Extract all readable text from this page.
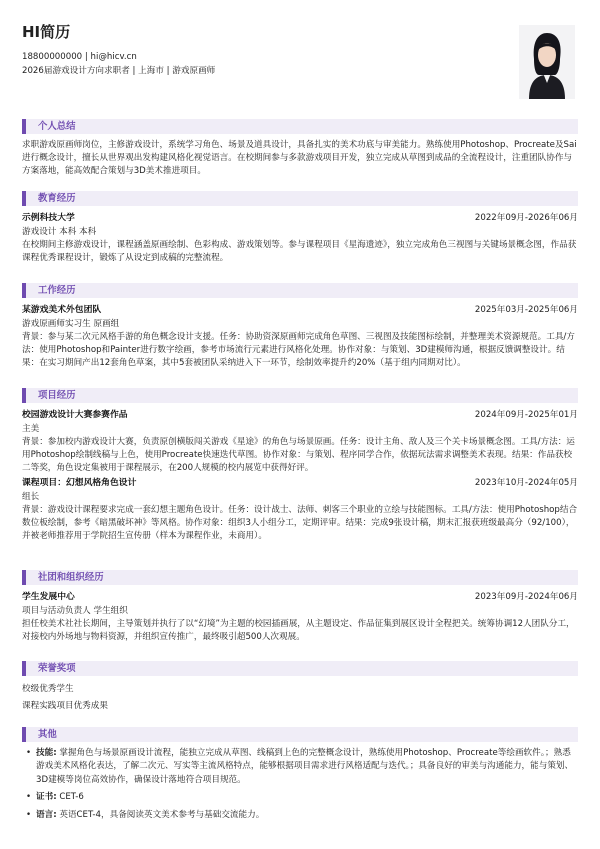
HI简历
18800000000 | hi@hicv.cn
2026届游戏设计方向求职者 | 上海市 | 游戏原画师
个人总结
求职游戏原画师岗位，主修游戏设计，系统学习角色、场景及道具设计，具备扎实的美术功底与审美能力。熟练使用Photoshop、Procreate及Sai进行概念设计，擅长从世界观出发构建风格化视觉语言。在校期间参与多款游戏项目开发，独立完成从草图到成品的全流程设计，注重团队协作与方案落地，能高效配合策划与3D美术推进项目。
教育经历
示例科技大学	2022年09月-2026年06月
游戏设计 本科 本科
在校期间主修游戏设计，课程涵盖原画绘制、色彩构成、游戏策划等。参与课程项目《星海遗迹》，独立完成角色三视图与关键场景概念图，作品获课程优秀课程设计，锻炼了从设定到成稿的完整流程。
工作经历
某游戏美术外包团队	2025年03月-2025年06月
游戏原画师实习生 原画组
背景：参与某二次元风格手游的角色概念设计支援。任务：协助资深原画师完成角色草图、三视图及技能图标绘制，并整理美术资源规范。工具/方法：使用Photoshop和Painter进行数字绘画，参考市场流行元素进行风格化处理。协作对象：与策划、3D建模师沟通，根据反馈调整设计。结果：在实习期间产出12套角色草案，其中5套被团队采纳进入下一环节，绘制效率提升约20%（基于组内同期对比）。
项目经历
校园游戏设计大赛参赛作品	2024年09月-2025年01月
主美
背景：参加校内游戏设计大赛，负责原创横版闯关游戏《星途》的角色与场景原画。任务：设计主角、敌人及三个关卡场景概念图。工具/方法：运用Photoshop绘制线稿与上色，使用Procreate快速迭代草图。协作对象：与策划、程序同学合作，依据玩法需求调整美术表现。结果：作品获校二等奖，角色设定集被用于课程展示，在200人规模的校内展览中获得好评。
课程项目：幻想风格角色设计	2023年10月-2024年05月
组长
背景：游戏设计课程要求完成一套幻想主题角色设计。任务：设计战士、法师、刺客三个职业的立绘与技能图标。工具/方法：使用Photoshop结合数位板绘制，参考《暗黑破坏神》等风格。协作对象：组织3人小组分工，定期评审。结果：完成9张设计稿，期末汇报获班级最高分（92/100），并被老师推荐用于学院招生宣传册（样本为课程作业，未商用）。
社团和组织经历
学生发展中心	2023年09月-2024年06月
项目与活动负责人 学生组织
担任校美术社社长期间，主导策划并执行了以“幻境”为主题的校园插画展，从主题设定、作品征集到展区设计全程把关。统筹协调12人团队分工，对接校内外场地与物料资源，并组织宣传推广，最终吸引超500人次观展。
荣誉奖项
校级优秀学生
课程实践项目优秀成果
其他
• 技能: 掌握角色与场景原画设计流程，能独立完成从草图、线稿到上色的完整概念设计，熟练使用Photoshop、Procreate等绘画软件。；熟悉游戏美术风格化表达，了解二次元、写实等主流风格特点，能够根据项目需求进行风格适配与迭代。；具备良好的审美与沟通能力，能与策划、3D建模等岗位高效协作，确保设计落地符合项目规范。
• 证书: CET-6
• 语言: 英语CET-4，具备阅读英文美术参考与基础交流能力。
